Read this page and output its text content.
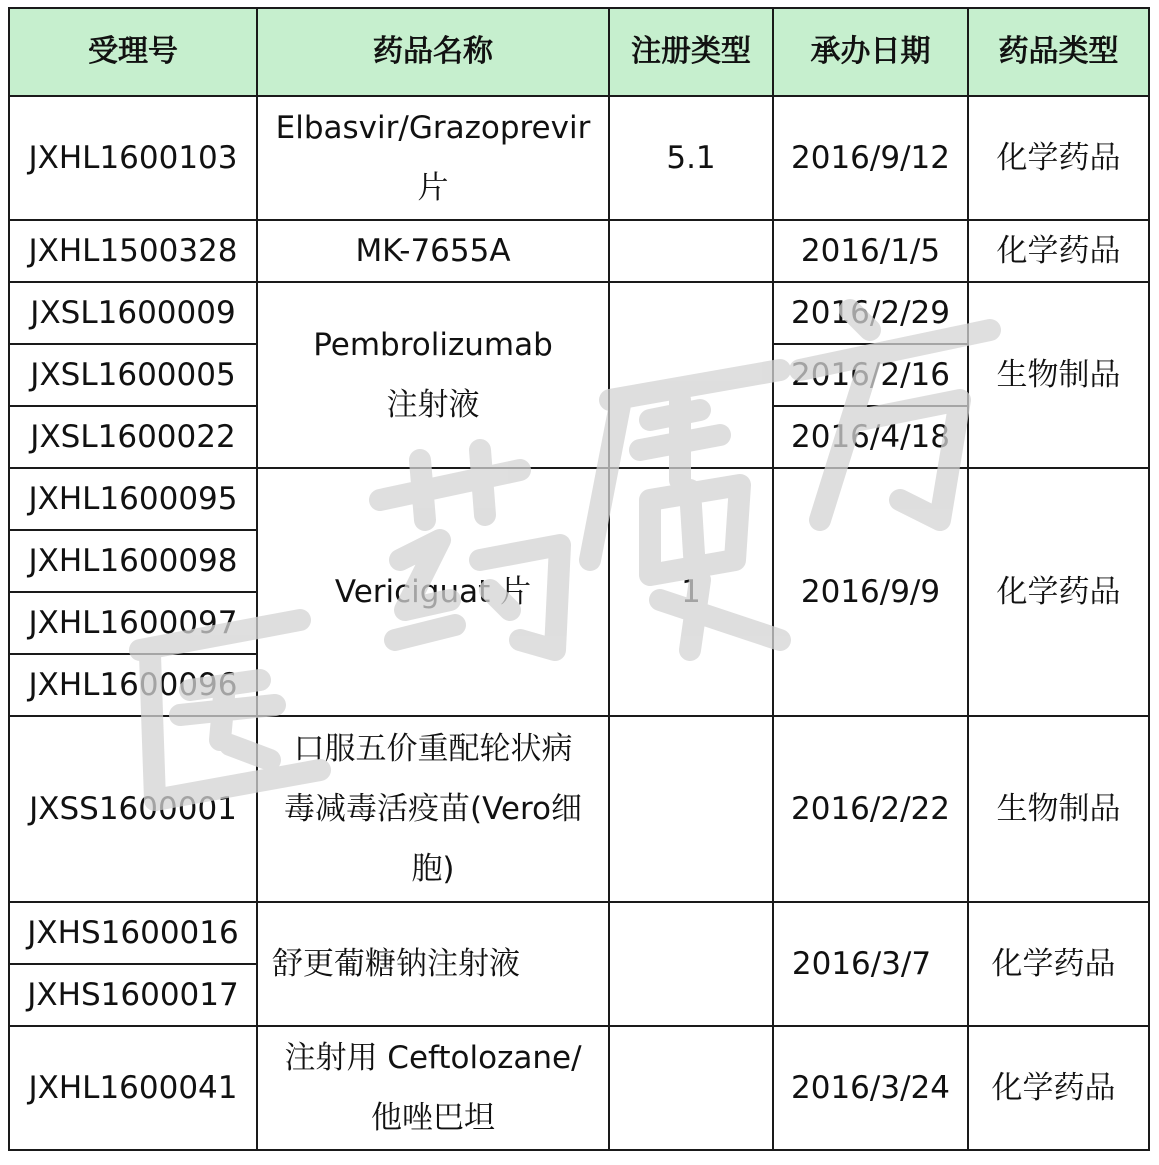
受理号	药品名称	注册类型	承办日期	药品类型
JXHL1600103	Elbasvir/Grazoprevir片	5.1	2016/9/12	化学药品
JXHL1500328	MK-7655A		2016/1/5	化学药品
JXSL1600009	Pembrolizumab 注射液		2016/2/29	生物制品
JXSL1600005			2016/2/16	
JXSL1600022			2016/4/18	
JXHL1600095	Vericiguat 片	1	2016/9/9	化学药品
JXHL1600098				
JXHL1600097				
JXHL1600096				
JXSS1600001	口服五价重配轮状病毒减毒活疫苗(Vero细胞)		2016/2/22	生物制品
JXHS1600016	舒更葡糖钠注射液		2016/3/7	化学药品
JXHS1600017				
JXHL1600041	注射用 Ceftolozane/他唑巴坦		2016/3/24	化学药品
